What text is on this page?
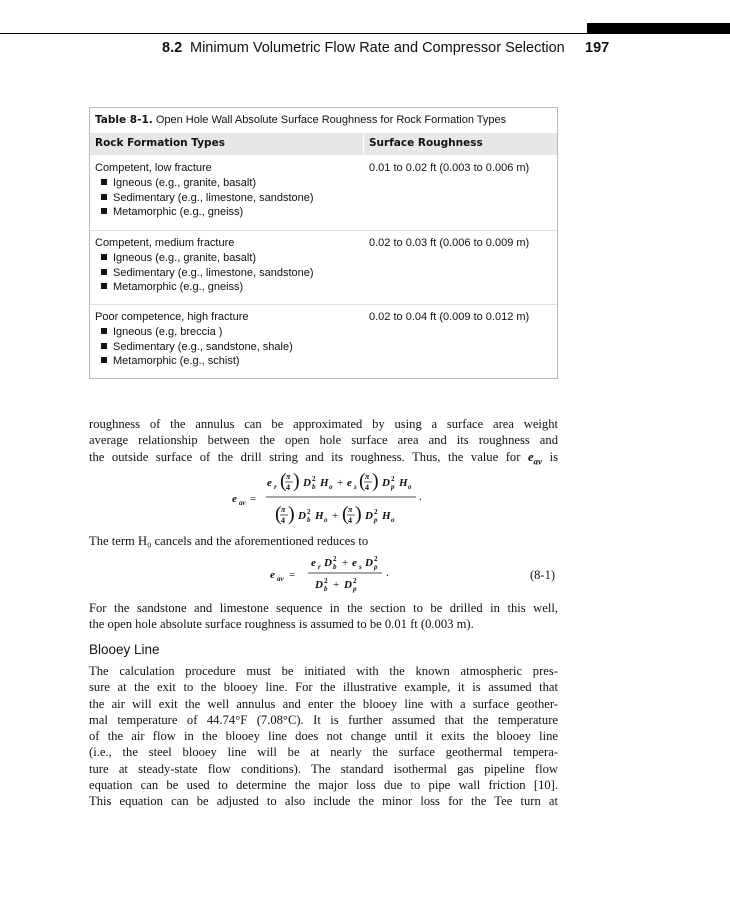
8.2 Minimum Volumetric Flow Rate and Compressor Selection 197
Table 8-1. Open Hole Wall Absolute Surface Roughness for Rock Formation Types
Rock Formation Types	Surface Roughness
Competent, low fracture
Igneous (e.g., granite, basalt)
Sedimentary (e.g., limestone, sandstone)
Metamorphic (e.g., gneiss)
0.01 to 0.02 ft (0.003 to 0.006 m)
Competent, medium fracture
Igneous (e.g., granite, basalt)
Sedimentary (e.g., limestone, sandstone)
Metamorphic (e.g., gneiss)
0.02 to 0.03 ft (0.006 to 0.009 m)
Poor competence, high fracture
Igneous (e.g, breccia )
Sedimentary (e.g., sandstone, shale)
Metamorphic (e.g., schist)
0.02 to 0.04 ft (0.009 to 0.012 m)
roughness of the annulus can be approximated by using a surface area weight
average relationship between the open hole surface area and its roughness and
the outside surface of the drill string and its roughness. Thus, the value for $e_{av}$ is
e av =
e r ( π
4 ) D 2
b H o + e s ( π
4 ) D 2
p H o
.
( π
4 ) D 2
b H o + ( π
4 ) D 2
p H o
The term H₀ cancels and the aforementioned reduces to
e av =
e r D 2
b + e s D 2
p .
D 2
b + D 2
p
(8-1)
For the sandstone and limestone sequence in the section to be drilled in this well,
the open hole absolute surface roughness is assumed to be 0.01 ft (0.003 m).
Blooey Line
The calculation procedure must be initiated with the known atmospheric pres-
sure at the exit to the blooey line. For the illustrative example, it is assumed that
the air will exit the well annulus and enter the blooey line with a surface geother-
mal temperature of 44.74°F (7.08°C). It is further assumed that the temperature
of the air flow in the blooey line does not change until it exits the blooey line
(i.e., the steel blooey line will be at nearly the surface geothermal tempera-
ture at steady-state flow conditions). The standard isothermal gas pipeline flow
equation can be used to determine the major loss due to pipe wall friction [10].
This equation can be adjusted to also include the minor loss for the Tee turn at
